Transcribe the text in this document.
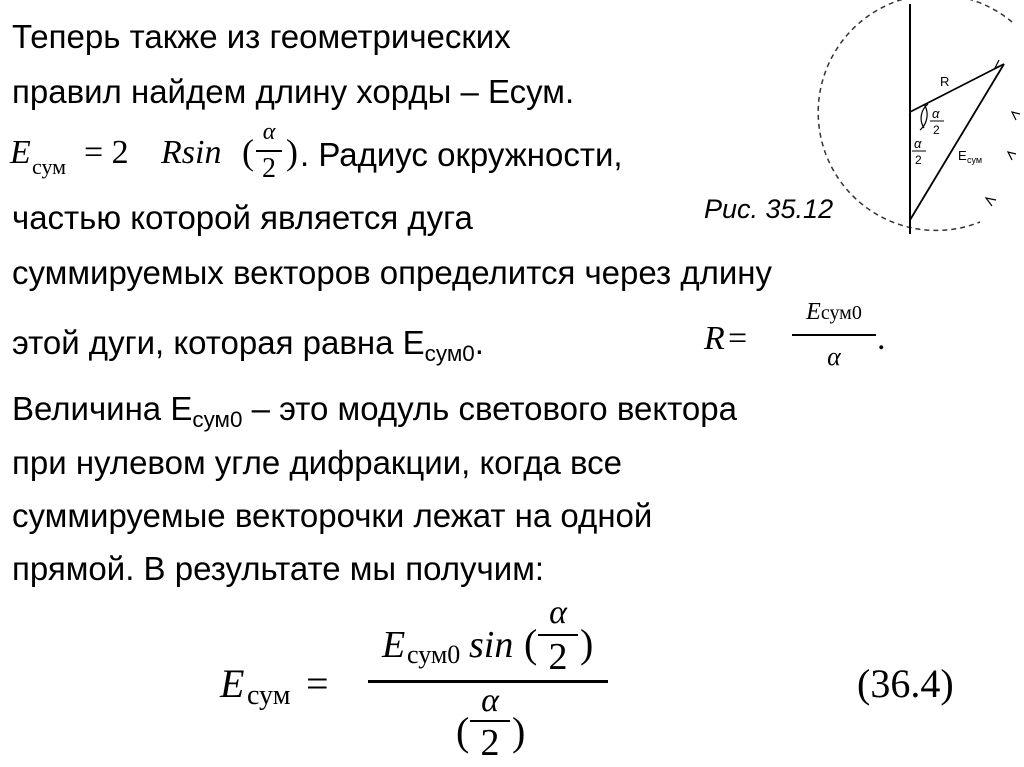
Теперь также из геометрических
правил найдем длину хорды – Есум.
E сум = 2 Rsin ( α
2 ) . Радиус окружности,
частью которой является дуга
суммируемых векторов определится через длину
этой дуги, которая равна $Е_{сум0}$.	R =
Eсум0
α	.
Величина $Е_{сум0}$ – это модуль светового вектора
при нулевом угле дифракции, когда все
суммируемые векторочки лежат на одной
прямой. В результате мы получим:
E сум =
E сум0 sin (
α
2 )
(
α
2 )
(36.4)
R
α
2
α
2	E сум
Рис. 35.12
